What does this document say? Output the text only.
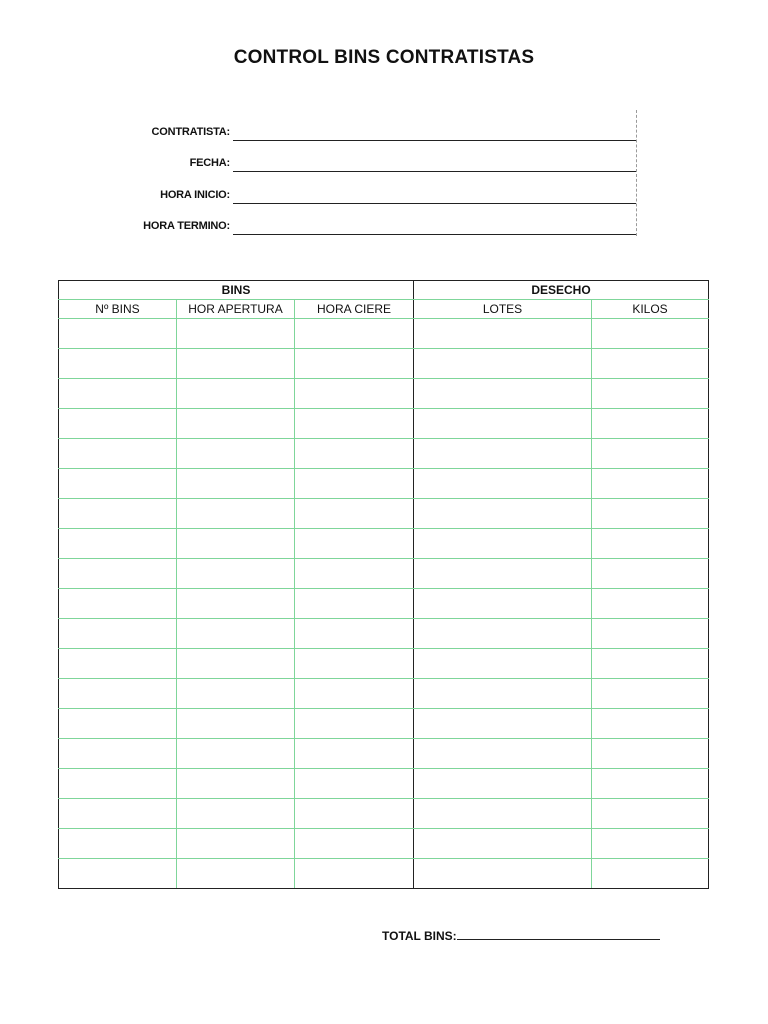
CONTROL BINS CONTRATISTAS
CONTRATISTA:
FECHA:
HORA INICIO:
HORA TERMINO:
BINS			DESECHO	
Nº BINS	HOR APERTURA	HORA CIERE	LOTES	KILOS

TOTAL BINS:
